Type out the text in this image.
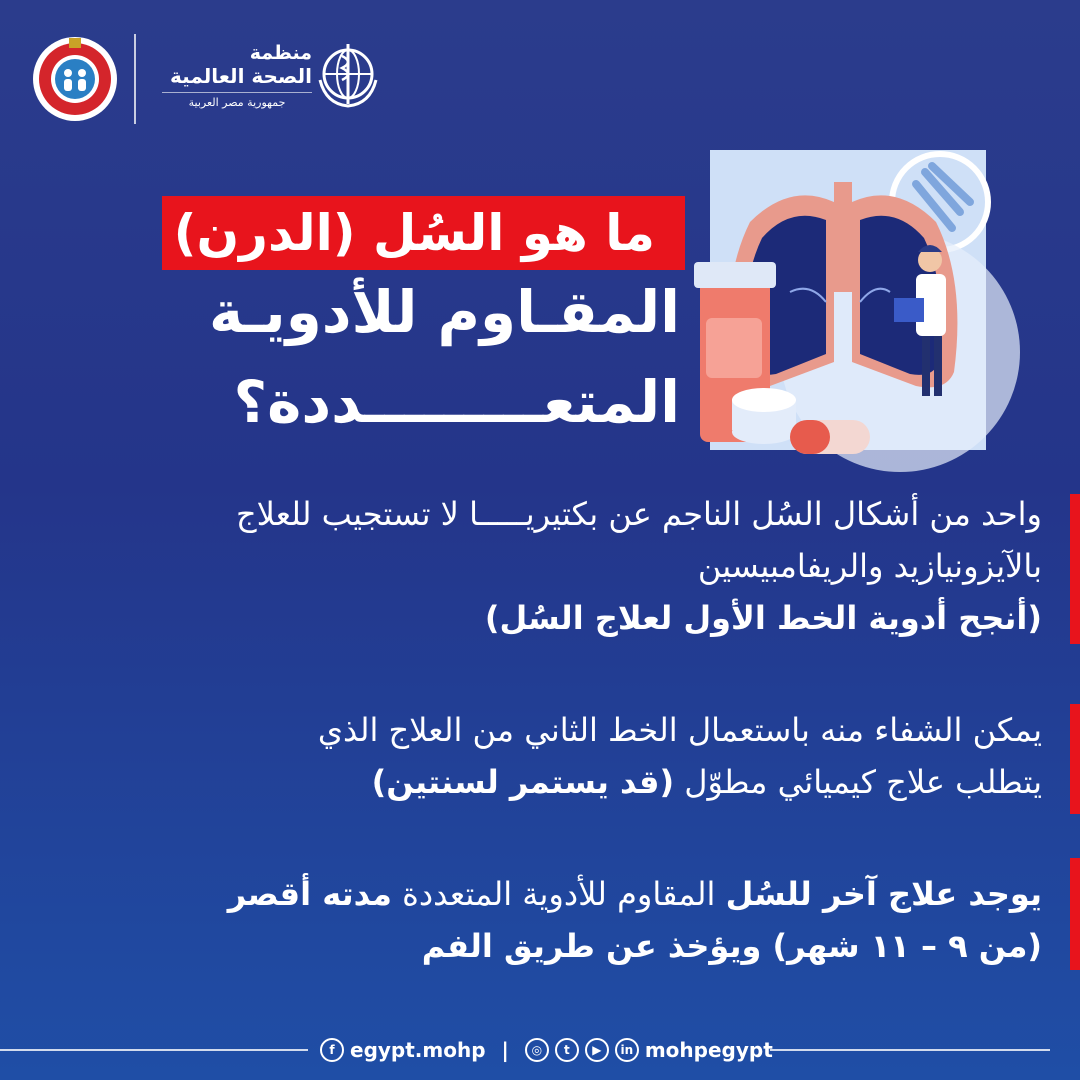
منظمة
الصحة العالمية
جمهورية مصر العربية
ما هو السُل (الدرن)
المقـاوم للأدويـة
المتعـــــــــددة؟
واحد من أشكال السُل الناجم عن بكتيريـــــا لا تستجيب للعلاج
بالآيزونيازيد والريفامبيسين
(أنجح أدوية الخط الأول لعلاج السُل)
يمكن الشفاء منه باستعمال الخط الثاني من العلاج الذي
يتطلب علاج كيميائي مطوّل (قد يستمر لسنتين)
يوجد علاج آخر للسُل المقاوم للأدوية المتعددة مدته أقصر
(من ٩ – ١١ شهر) ويؤخذ عن طريق الفم
f egypt.mohp |	◎	t	▶	in mohpegypt
